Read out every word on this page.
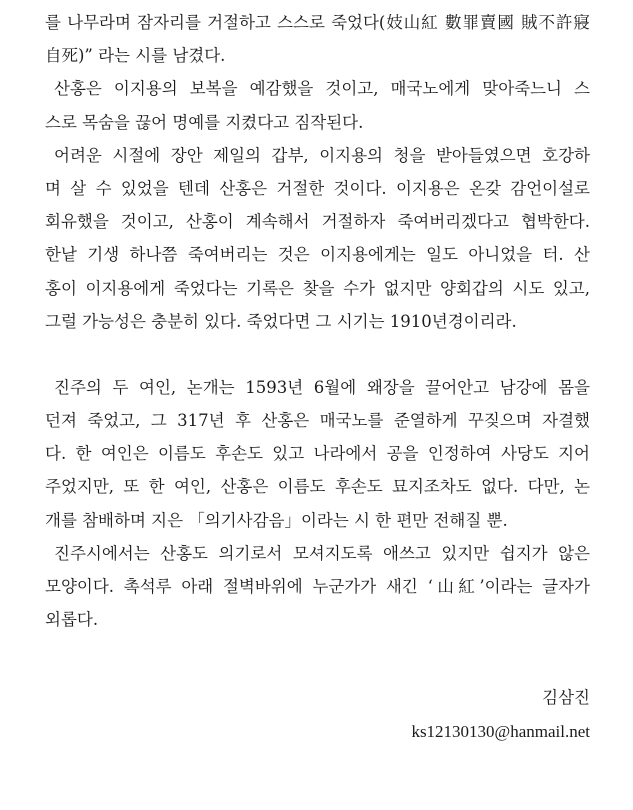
를 나무라며 잠자리를 거절하고 스스로 죽었다(妓山紅 數罪賣國 賊不許寢
自死)” 라는 시를 남겼다.
산홍은 이지용의 보복을 예감했을 것이고, 매국노에게 맞아죽느니 스
스로 목숨을 끊어 명예를 지켰다고 짐작된다.
어려운 시절에 장안 제일의 갑부, 이지용의 청을 받아들였으면 호강하
며 살 수 있었을 텐데 산홍은 거절한 것이다. 이지용은 온갖 감언이설로
회유했을 것이고, 산홍이 계속해서 거절하자 죽여버리겠다고 협박한다.
한낱 기생 하나쯤 죽여버리는 것은 이지용에게는 일도 아니었을 터. 산
홍이 이지용에게 죽었다는 기록은 찾을 수가 없지만 양회갑의 시도 있고,
그럴 가능성은 충분히 있다. 죽었다면 그 시기는 1910년경이리라.
진주의 두 여인, 논개는 1593년 6월에 왜장을 끌어안고 남강에 몸을
던져 죽었고, 그 317년 후 산홍은 매국노를 준열하게 꾸짖으며 자결했
다. 한 여인은 이름도 후손도 있고 나라에서 공을 인정하여 사당도 지어
주었지만, 또 한 여인, 산홍은 이름도 후손도 묘지조차도 없다. 다만, 논
개를 참배하며 지은 「의기사감음」이라는 시 한 편만 전해질 뿐.
진주시에서는 산홍도 의기로서 모셔지도록 애쓰고 있지만 쉽지가 않은
모양이다. 촉석루 아래 절벽바위에 누군가가 새긴 ‘山紅’이라는 글자가
외롭다.
김삼진
ks12130130@hanmail.net
